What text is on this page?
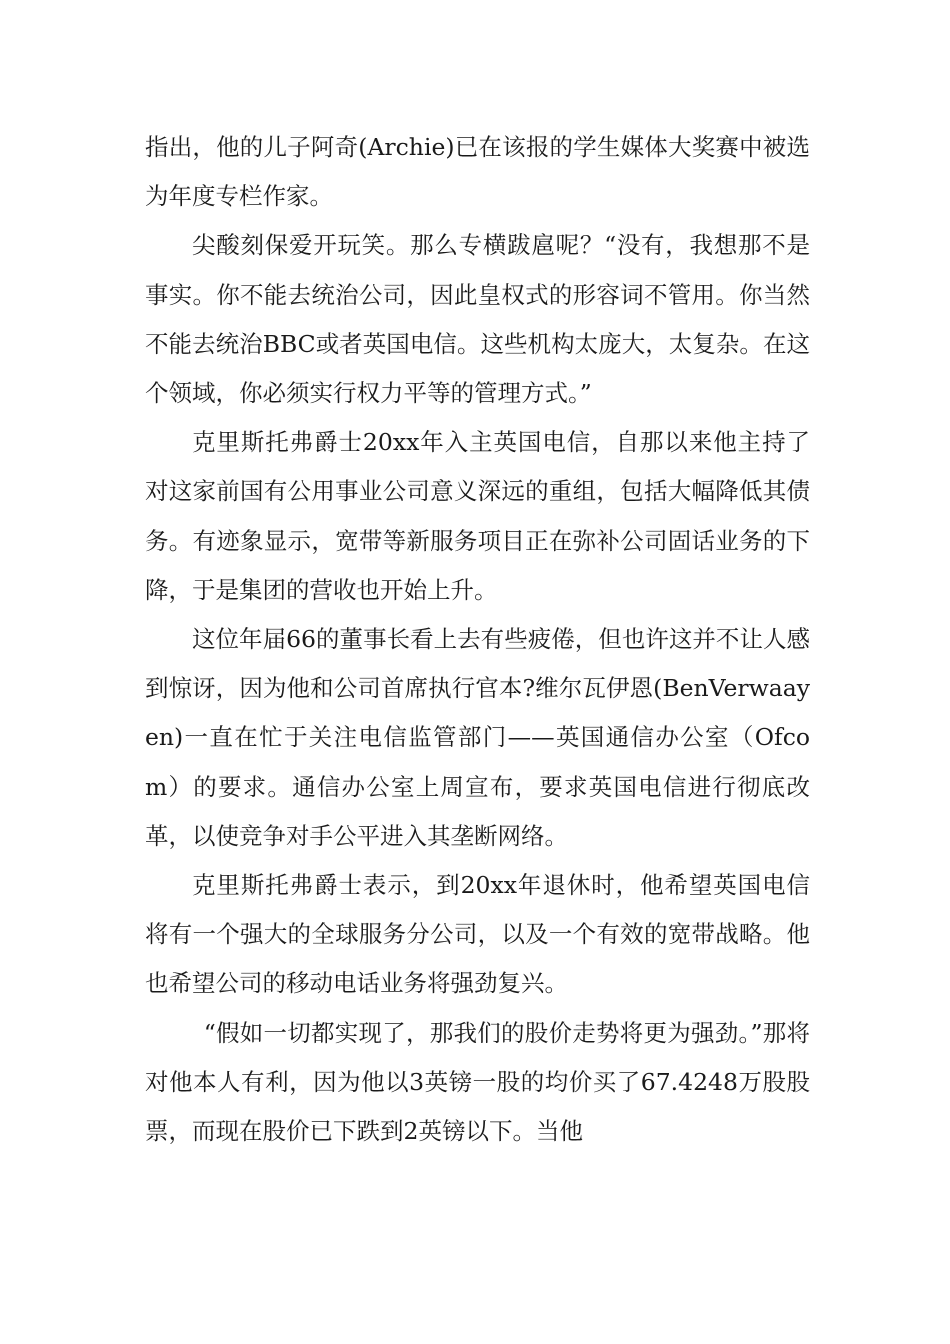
指出，他的儿子阿奇(Archie)已在该报的学生媒体大奖赛中被选为年度专栏作家。

尖酸刻保爱开玩笑。那么专横跋扈呢？“没有，我想那不是事实。你不能去统治公司，因此皇权式的形容词不管用。你当然不能去统治BBC或者英国电信。这些机构太庞大，太复杂。在这个领域，你必须实行权力平等的管理方式。”

克里斯托弗爵士20xx年入主英国电信，自那以来他主持了对这家前国有公用事业公司意义深远的重组，包括大幅降低其债务。有迹象显示，宽带等新服务项目正在弥补公司固话业务的下降，于是集团的营收也开始上升。

这位年届66的董事长看上去有些疲倦，但也许这并不让人感到惊讶，因为他和公司首席执行官本?维尔瓦伊恩(BenVerwaayen)一直在忙于关注电信监管部门——英国通信办公室（Ofcom）的要求。通信办公室上周宣布，要求英国电信进行彻底改革，以使竞争对手公平进入其垄断网络。

克里斯托弗爵士表示，到20xx年退休时，他希望英国电信将有一个强大的全球服务分公司，以及一个有效的宽带战略。他也希望公司的移动电话业务将强劲复兴。

“假如一切都实现了，那我们的股价走势将更为强劲。”那将对他本人有利，因为他以3英镑一股的均价买了67.4248万股股票，而现在股价已下跌到2英镑以下。当他
